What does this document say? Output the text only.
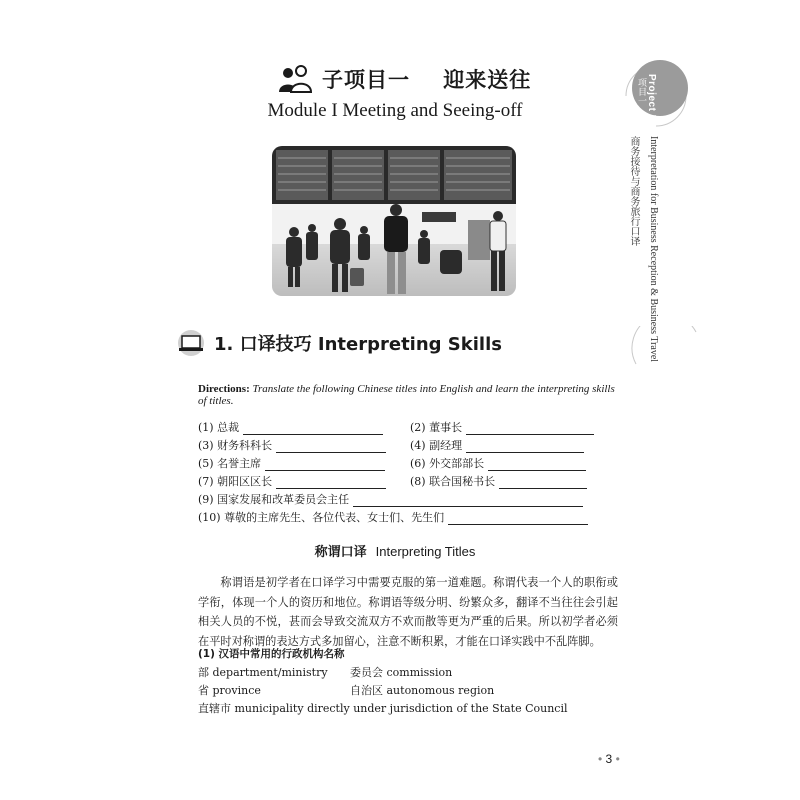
子项目一    迎来送往
Module I Meeting and Seeing-off	Project I
项目一
Interpretation for Business Reception & Business Travel
商务接待与商务旅行口译
1. 口译技巧 Interpreting Skills
Directions: Translate the following Chinese titles into English and learn the interpreting skills of titles.
(1) 总裁	(2) 董事长
(3) 财务科科长	(4) 副经理
(5) 名誉主席	(6) 外交部部长
(7) 朝阳区区长	(8) 联合国秘书长
(9) 国家发展和改革委员会主任
(10) 尊敬的主席先生、各位代表、女士们、先生们
称谓口译 Interpreting Titles
称谓语是初学者在口译学习中需要克服的第一道难题。称谓代表一个人的职衔或学衔，体现一个人的资历和地位。称谓语等级分明、纷繁众多，翻译不当往往会引起相关人员的不悦，甚而会导致交流双方不欢而散等更为严重的后果。所以初学者必须在平时对称谓的表达方式多加留心，注意不断积累，才能在口译实践中不乱阵脚。
(1) 汉语中常用的行政机构名称
部 department/ministry 委员会 commission
省 province	自治区 autonomous region
直辖市 municipality directly under jurisdiction of the State Council
• 3 •
